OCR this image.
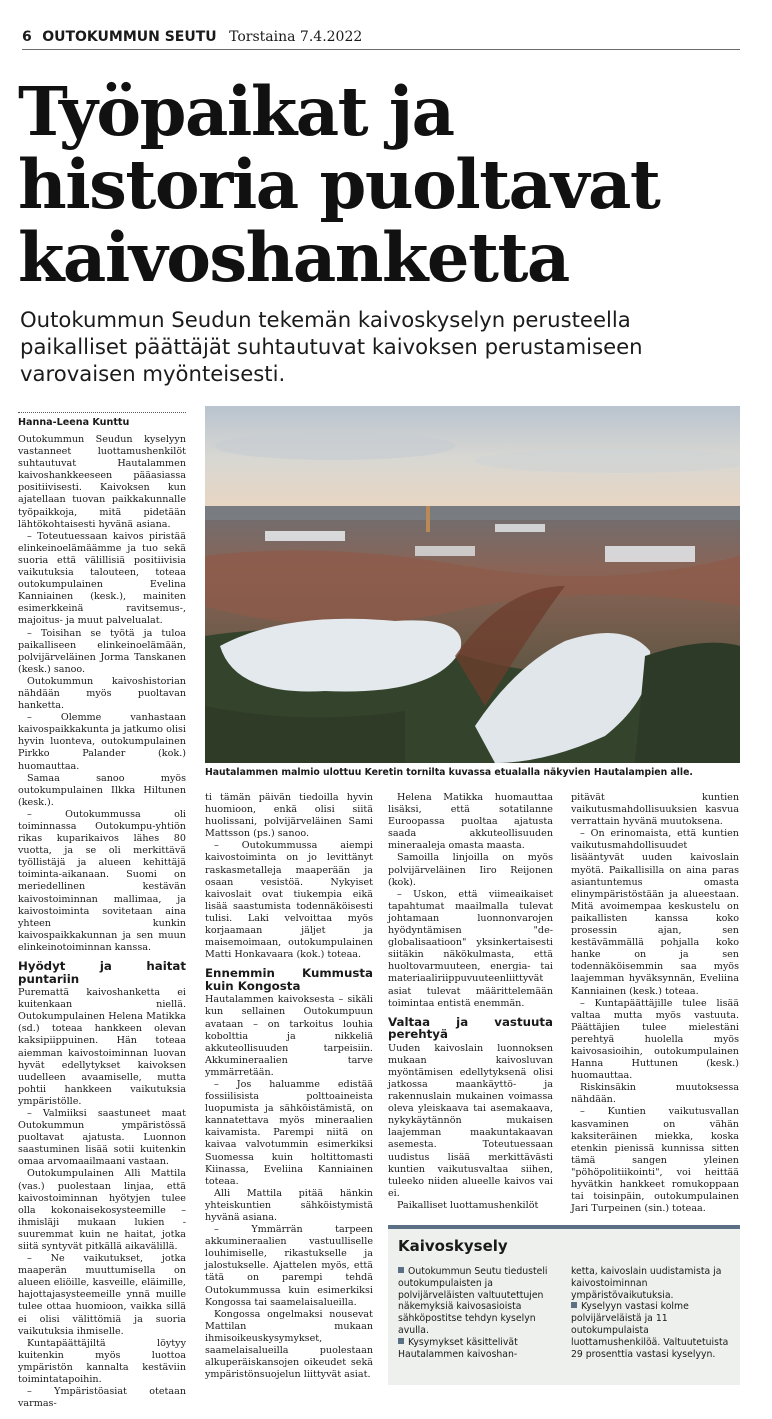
6 OUTOKUMMUN SEUTU Torstaina 7.4.2022
Työpaikat ja
historia puoltavat
kaivoshanketta

Outokummun Seudun tekemän kaivoskyselyn perusteella
paikalliset päättäjät suhtautuvat kaivoksen perustamiseen
varovaisen myönteisesti.

Hanna-Leena Kunttu
Hautalammen malmio ulottuu Keretin tornilta kuvassa etualalla näkyvien Hautalampien alle.

Outokummun Seudun kyselyyn vastanneet luottamushenkilöt suhtautuvat Hautalammen kaivoshankkeeseen pääasiassa positiivisesti. Kaivoksen kun ajatellaan tuovan paikkakunnalle työpaikkoja, mitä pidetään lähtökohtaisesti hyvänä asiana.

– Toteutuessaan kaivos piristää elinkeinoelämäämme ja tuo sekä suoria että välillisiä positiivisia vaikutuksia talouteen, toteaa outokumpulainen Evelina Kanniainen (kesk.), mainiten esimerkkeinä ravitsemus-, majoitus- ja muut palvelualat.

– Toisihan se työtä ja tuloa paikalliseen elinkeinoelämään, polvijärveläinen Jorma Tanskanen (kesk.) sanoo.

Outokummun kaivoshistorian nähdään myös puoltavan hanketta.

– Olemme vanhastaan kaivospaikkakunta ja jatkumo olisi hyvin luonteva, outokumpulainen Pirkko Palander (kok.) huomauttaa.

Samaa sanoo myös outokumpulainen Ilkka Hiltunen (kesk.).

– Outokummussa oli toiminnassa Outokumpu-yhtiön rikas kuparikaivos lähes 80 vuotta, ja se oli merkittävä työllistäjä ja alueen kehittäjä toiminta-aikanaan. Suomi on meriedellinen kestävän kaivostoiminnan mallimaa, ja kaivostoiminta sovitetaan aina yhteen kunkin kaivospaikkakunnan ja sen muun elinkeinotoiminnan kanssa.

Hyödyt ja haitat puntariin

Puremattä kaivoshanketta ei kuitenkaan niellä. Outokumpulainen Helena Matikka (sd.) toteaa hankkeen olevan kaksipiippuinen. Hän toteaa aiemman kaivostoiminnan luovan hyvät edellytykset kaivoksen uudelleen avaamiselle, mutta pohtii hankkeen vaikutuksia ympäristölle.

– Valmiiksi saastuneet maat Outokummun ympäristössä puoltavat ajatusta. Luonnon saastuminen lisää sotii kuitenkin omaa arvomaailmaani vastaan.

Outokumpulainen Alli Mattila (vas.) puolestaan linjaa, että kaivostoiminnan hyötyjen tulee olla kokonaisekosysteemille – ihmisläji mukaan lukien - suuremmat kuin ne haitat, jotka siitä syntyvät pitkällä aikavälillä.

– Ne vaikutukset, jotka maaperän muuttumisella on alueen eliöille, kasveille, eläimille, hajottajasysteemeille ynnä muille tulee ottaa huomioon, vaikka sillä ei olisi välittömiä ja suoria vaikutuksia ihmiselle.

Kuntapäättäjiltä löytyy kuitenkin myös luottoa ympäristön kannalta kestäviin toimintatapoihin.

– Ympäristöasiat otetaan varmas-

ti tämän päivän tiedoilla hyvin huomioon, enkä olisi siitä huolissani, polvijärveläinen Sami Mattsson (ps.) sanoo.

– Outokummussa aiempi kaivostoiminta on jo levittänyt raskasmetalleja maaperään ja osaan vesistöä. Nykyiset kaivoslait ovat tiukempia eikä lisää saastumista todennäköisesti tulisi. Laki velvoittaa myös korjaamaan jäljet ja maisemoimaan, outokumpulainen Matti Honkavaara (kok.) toteaa.

Ennemmin Kummusta kuin Kongosta

Hautalammen kaivoksesta – sikäli kun sellainen Outokumpuun avataan – on tarkoitus louhia kobolttia ja nikkeliä akkuteollisuuden tarpeisiin. Akkumineraalien tarve ymmärretään.

– Jos haluamme edistää fossiilisista polttoaineista luopumista ja sähköistämistä, on kannatettava myös mineraalien kaivamista. Parempi niitä on kaivaa valvotummin esimerkiksi Suomessa kuin holtittomasti Kiinassa, Eveliina Kanniainen toteaa.

Alli Mattila pitää hänkin yhteiskuntien sähköistymistä hyvänä asiana.

– Ymmärrän tarpeen akkumineraalien vastuulliselle louhimiselle, rikastukselle ja jalostukselle. Ajattelen myös, että tätä on parempi tehdä Outokummussa kuin esimerkiksi Kongossa tai saamelaisalueilla.

Kongossa ongelmaksi nousevat Mattilan mukaan ihmisoikeuskysymykset, saamelaisalueilla puolestaan alkuperäiskansojen oikeudet sekä ympäristönsuojelun liittyvät asiat.

Helena Matikka huomauttaa lisäksi, että sotatilanne Euroopassa puoltaa ajatusta saada akkuteollisuuden mineraaleja omasta maasta.

Samoilla linjoilla on myös polvijärveläinen Iiro Reijonen (kok).

– Uskon, että viimeaikaiset tapahtumat maailmalla tulevat johtamaan luonnonvarojen hyödyntämisen "de-globalisaatioon" yksinkertaisesti siitäkin näkökulmasta, että huoltovarmuuteen, energia- tai materiaaliriippuvuuteenliittyvät asiat tulevat määrittelemään toimintaa entistä enemmän.

Valtaa ja vastuuta perehtyä

Uuden kaivoslain luonnoksen mukaan kaivosluvan myöntämisen edellytyksenä olisi jatkossa maankäyttö- ja rakennuslain mukainen voimassa oleva yleiskaava tai asemakaava, nykykäytännön mukaisen laajemman maakuntakaavan asemesta. Toteutuessaan uudistus lisää merkittävästi kuntien vaikutusvaltaa siihen, tuleeko niiden alueelle kaivos vai ei.

Paikalliset luottamushenkilöt

pitävät kuntien vaikutusmahdollisuuksien kasvua verrattain hyvänä muutoksena.

– On erinomaista, että kuntien vaikutusmahdollisuudet lisääntyvät uuden kaivoslain myötä. Paikallisilla on aina paras asiantuntemus omasta elinympäristöstään ja alueestaan. Mitä avoimempaa keskustelu on paikallisten kanssa koko prosessin ajan, sen kestävämmällä pohjalla koko hanke on ja sen todennäköisemmin saa myös laajemman hyväksynnän, Eveliina Kanniainen (kesk.) toteaa.

– Kuntapäättäjille tulee lisää valtaa mutta myös vastuuta. Päättäjien tulee mielestäni perehtyä huolella myös kaivosasioihin, outokumpulainen Hanna Huttunen (kesk.) huomauttaa.

Riskinsäkin muutoksessa nähdään.

– Kuntien vaikutusvallan kasvaminen on vähän kaksiteräinen miekka, koska etenkin pienissä kunnissa sitten tämä sangen yleinen "pöhöpolitiikointi", voi heittää hyvätkin hankkeet romukoppaan tai toisinpäin, outokumpulainen Jari Turpeinen (sin.) toteaa.

Kaivoskysely

Outokummun Seutu tiedusteli outokumpulaisten ja polvijärveläisten valtuutettujen näkemyksiä kaivosasioista sähköpostitse tehdyn kyselyn avulla.

Kysymykset käsittelivät Hautalammen kaivoshan-

ketta, kaivoslain uudistamista ja kaivostoiminnan ympäristövaikutuksia.

Kyselyyn vastasi kolme polvijärveläistä ja 11 outokumpulaista luottamushenkilöä. Valtuutetuista 29 prosenttia vastasi kyselyyn.
